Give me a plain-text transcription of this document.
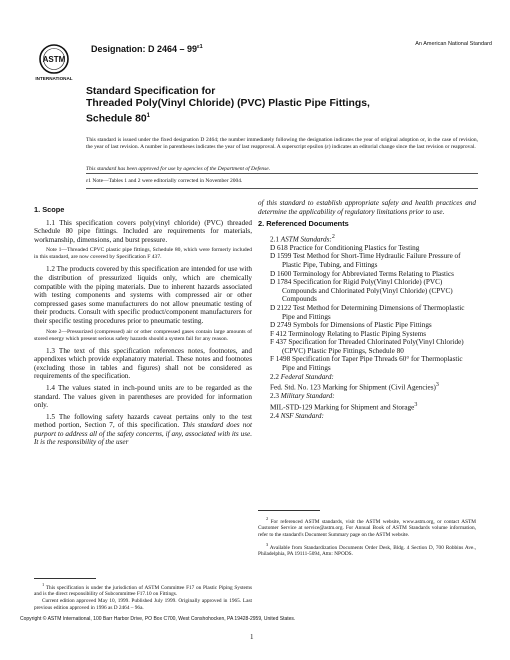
ASTM
INTERNATIONAL
Designation: D $2464 - 99^{\varepsilon 1}$	An American National Standard
Standard Specification for
Threaded Poly(Vinyl Chloride) (PVC) Plastic Pipe Fittings,
Schedule $80^1$
This standard is issued under the fixed designation D 2464; the number immediately following the designation indicates the year of original adoption or, in the case of revision, the year of last revision. A number in parentheses indicates the year of last reapproval. A superscript epsilon (ε) indicates an editorial change since the last revision or reapproval.
This standard has been approved for use by agencies of the Department of Defense.
ε1 Note—Tables 1 and 2 were editorially corrected in November 2004.
1. Scope

1.1 This specification covers poly(vinyl chloride) (PVC) threaded Schedule 80 pipe fittings. Included are requirements for materials, workmanship, dimensions, and burst pressure.

Note 1—Threaded CPVC plastic pipe fittings, Schedule 80, which were formerly included in this standard, are now covered by Specification F 437.

1.2 The products covered by this specification are intended for use with the distribution of pressurized liquids only, which are chemically compatible with the piping materials. Due to inherent hazards associated with testing components and systems with compressed air or other compressed gases some manufacturers do not allow pneumatic testing of their products. Consult with specific product/component manufacturers for their specific testing procedures prior to pneumatic testing.

Note 2—Pressurized (compressed) air or other compressed gases contain large amounts of stored energy which present serious safety hazards should a system fail for any reason.

1.3 The text of this specification references notes, footnotes, and appendixes which provide explanatory material. These notes and footnotes (excluding those in tables and figures) shall not be considered as requirements of the specification.

1.4 The values stated in inch-pound units are to be regarded as the standard. The values given in parentheses are provided for information only.

1.5 The following safety hazards caveat pertains only to the test method portion, Section 7, of this specification. This standard does not purport to address all of the safety concerns, if any, associated with its use. It is the responsibility of the user

of this standard to establish appropriate safety and health practices and determine the applicability of regulatory limitations prior to use.

2. Referenced Documents
2.1 ASTM Standards:$^2$
D 618 Practice for Conditioning Plastics for Testing
D 1599 Test Method for Short-Time Hydraulic Failure Pressure of Plastic Pipe, Tubing, and Fittings
D 1600 Terminology for Abbreviated Terms Relating to Plastics
D 1784 Specification for Rigid Poly(Vinyl Chloride) (PVC) Compounds and Chlorinated Poly(Vinyl Chloride) (CPVC) Compounds
D 2122 Test Method for Determining Dimensions of Thermoplastic Pipe and Fittings
D 2749 Symbols for Dimensions of Plastic Pipe Fittings
F 412 Terminology Relating to Plastic Piping Systems
F 437 Specification for Threaded Chlorinated Poly(Vinyl Chloride) (CPVC) Plastic Pipe Fittings, Schedule 80
F 1498 Specification for Taper Pipe Threads 60° for Thermoplastic Pipe and Fittings
2.2 Federal Standard:
Fed. Std. No. 123 Marking for Shipment (Civil Agencies)$^3$
2.3 Military Standard:
MIL-STD-129 Marking for Shipment and Storage$^3$
2.4 NSF Standard:

$^2$ For referenced ASTM standards, visit the ASTM website, www.astm.org, or contact ASTM Customer Service at service@astm.org. For Annual Book of ASTM Standards volume information, refer to the standard's Document Summary page on the ASTM website.

$^3$ Available from Standardization Documents Order Desk, Bldg. 4 Section D, 700 Robbins Ave., Philadelphia, PA 19111-5094, Attn: NPODS.

$^1$ This specification is under the jurisdiction of ASTM Committee F17 on Plastic Piping Systems and is the direct responsibility of Subcommittee F17.10 on Fittings.

Current edition approved May 10, 1999. Published July 1999. Originally approved in 1965. Last previous edition approved in 1996 as D 2464 – 96a.

Copyright © ASTM International, 100 Barr Harbor Drive, PO Box C700, West Conshohocken, PA 19428-2959, United States.
1
